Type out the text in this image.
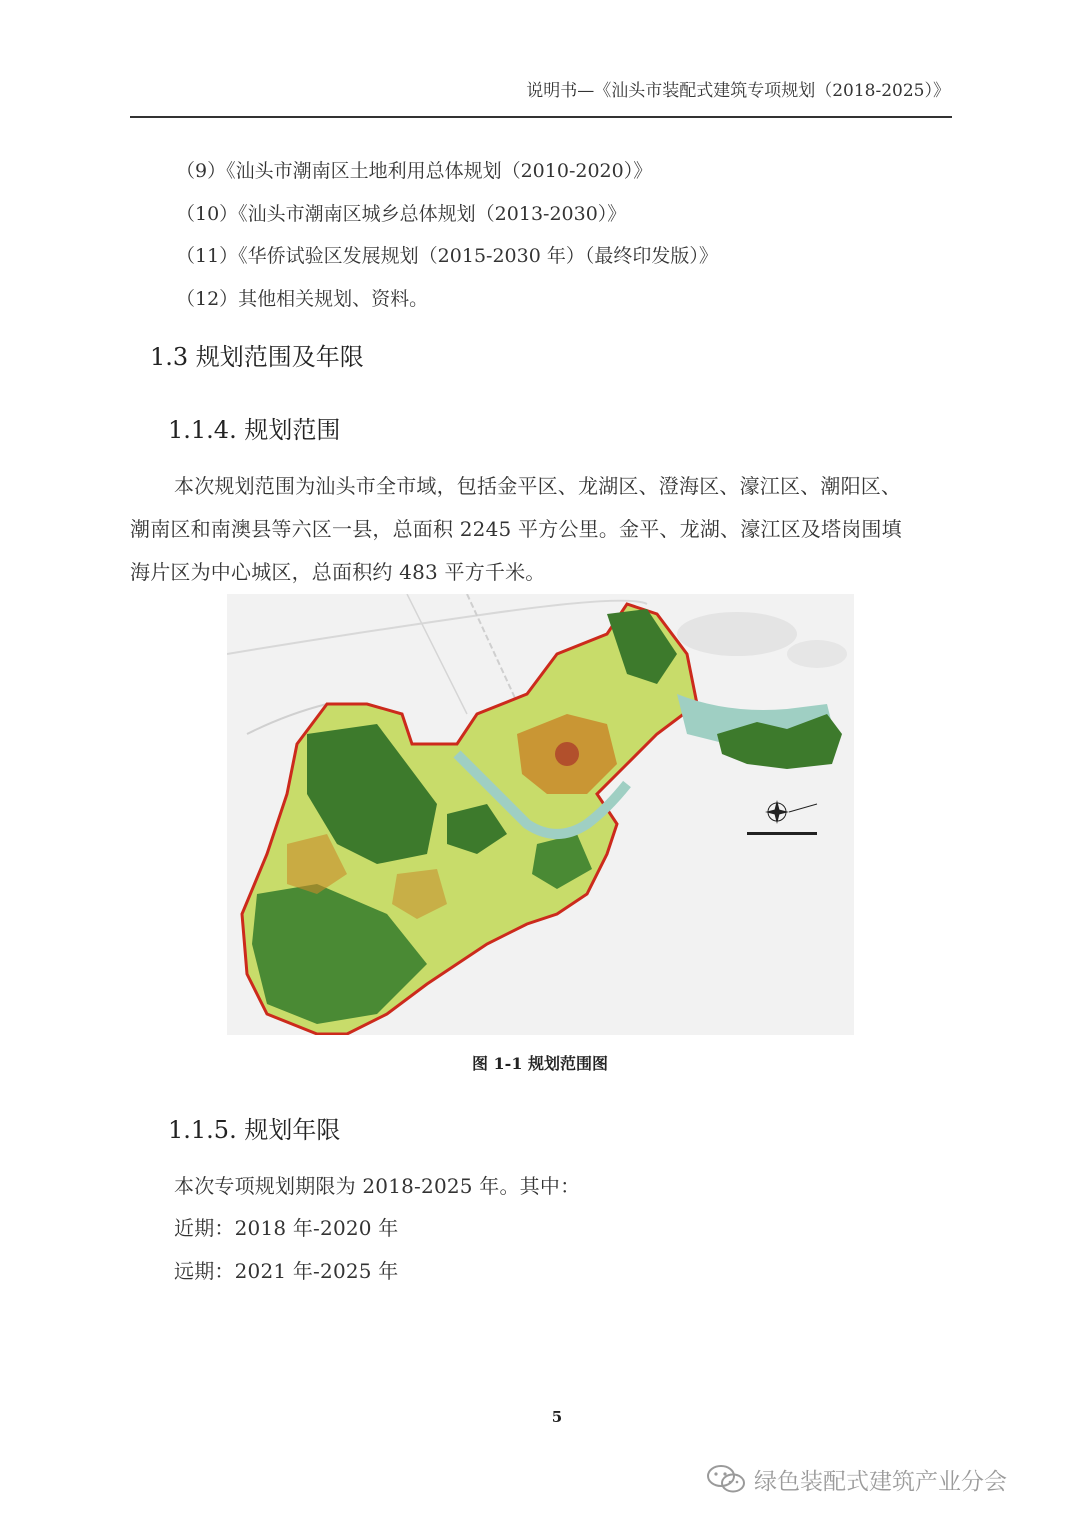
说明书—《汕头市装配式建筑专项规划（2018-2025）》
（9）《汕头市潮南区土地利用总体规划（2010-2020）》
（10）《汕头市潮南区城乡总体规划（2013-2030）》
（11）《华侨试验区发展规划（2015-2030 年）（最终印发版）》
（12）其他相关规划、资料。
1.3 规划范围及年限
1.1.4. 规划范围
本次规划范围为汕头市全市域，包括金平区、龙湖区、澄海区、濠江区、潮阳区、
潮南区和南澳县等六区一县，总面积 2245 平方公里。金平、龙湖、濠江区及塔岗围填
海片区为中心城区，总面积约 483 平方千米。
图 1-1 规划范围图
1.1.5. 规划年限
本次专项规划期限为 2018-2025 年。其中：
近期：2018 年-2020 年
远期：2021 年-2025 年
5
绿色装配式建筑产业分会
